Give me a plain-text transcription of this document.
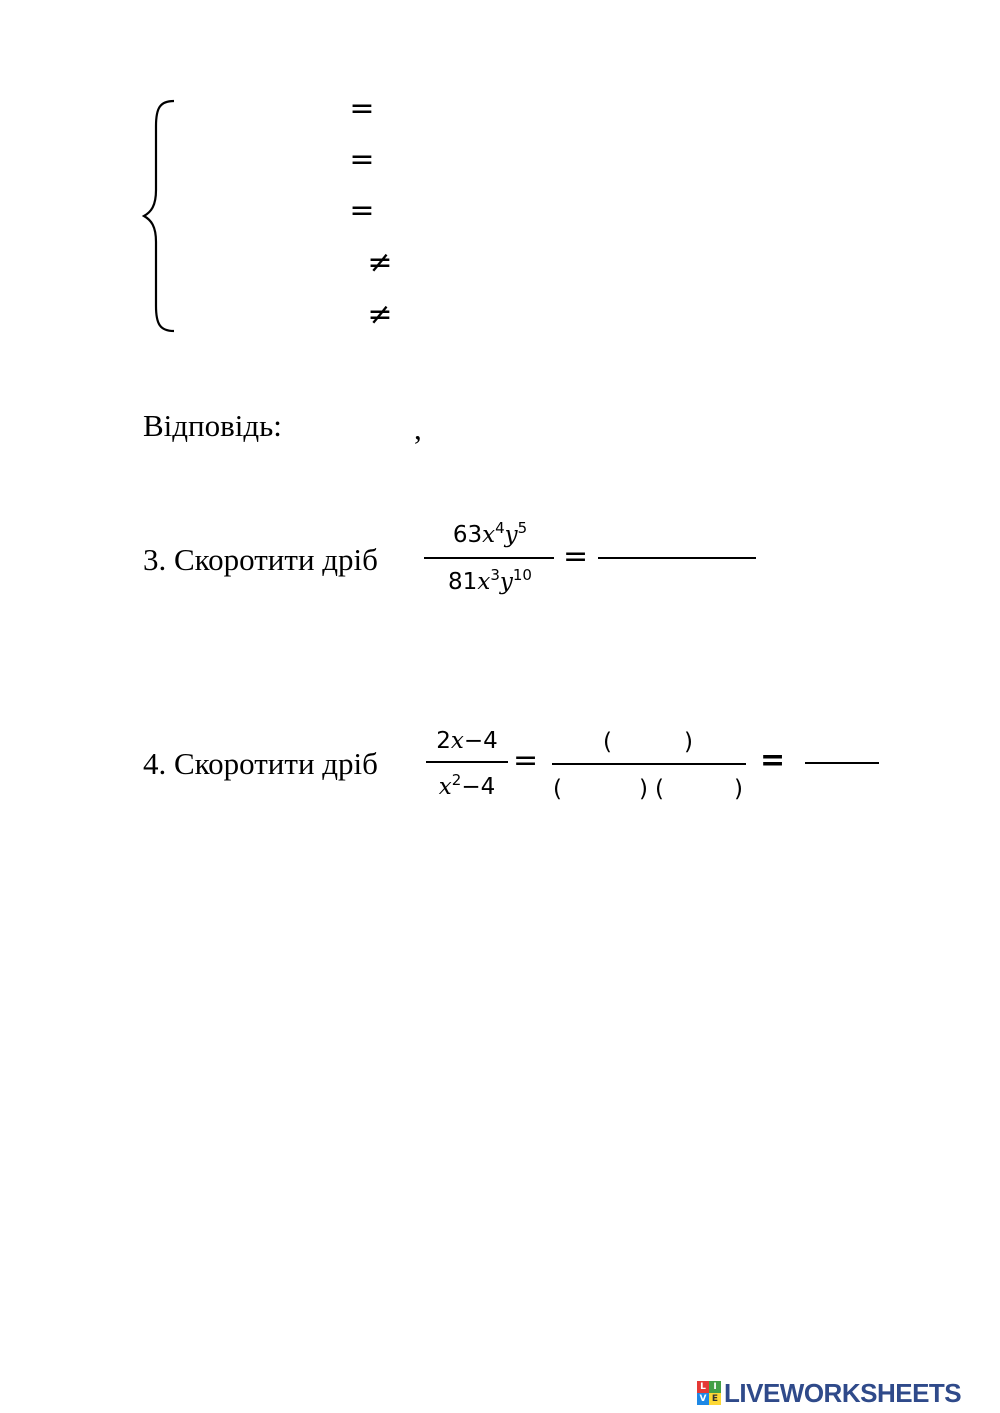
=
=
=
≠
≠
Відповідь:	,
3. Скоротити дріб
$63x^4y^5$
$81x^3y^{10}$
=
4. Скоротити дріб
2x−4
$x^2-4$
=
(	)
(	) (	)
=
L I
V E LIVEWORKSHEETS
